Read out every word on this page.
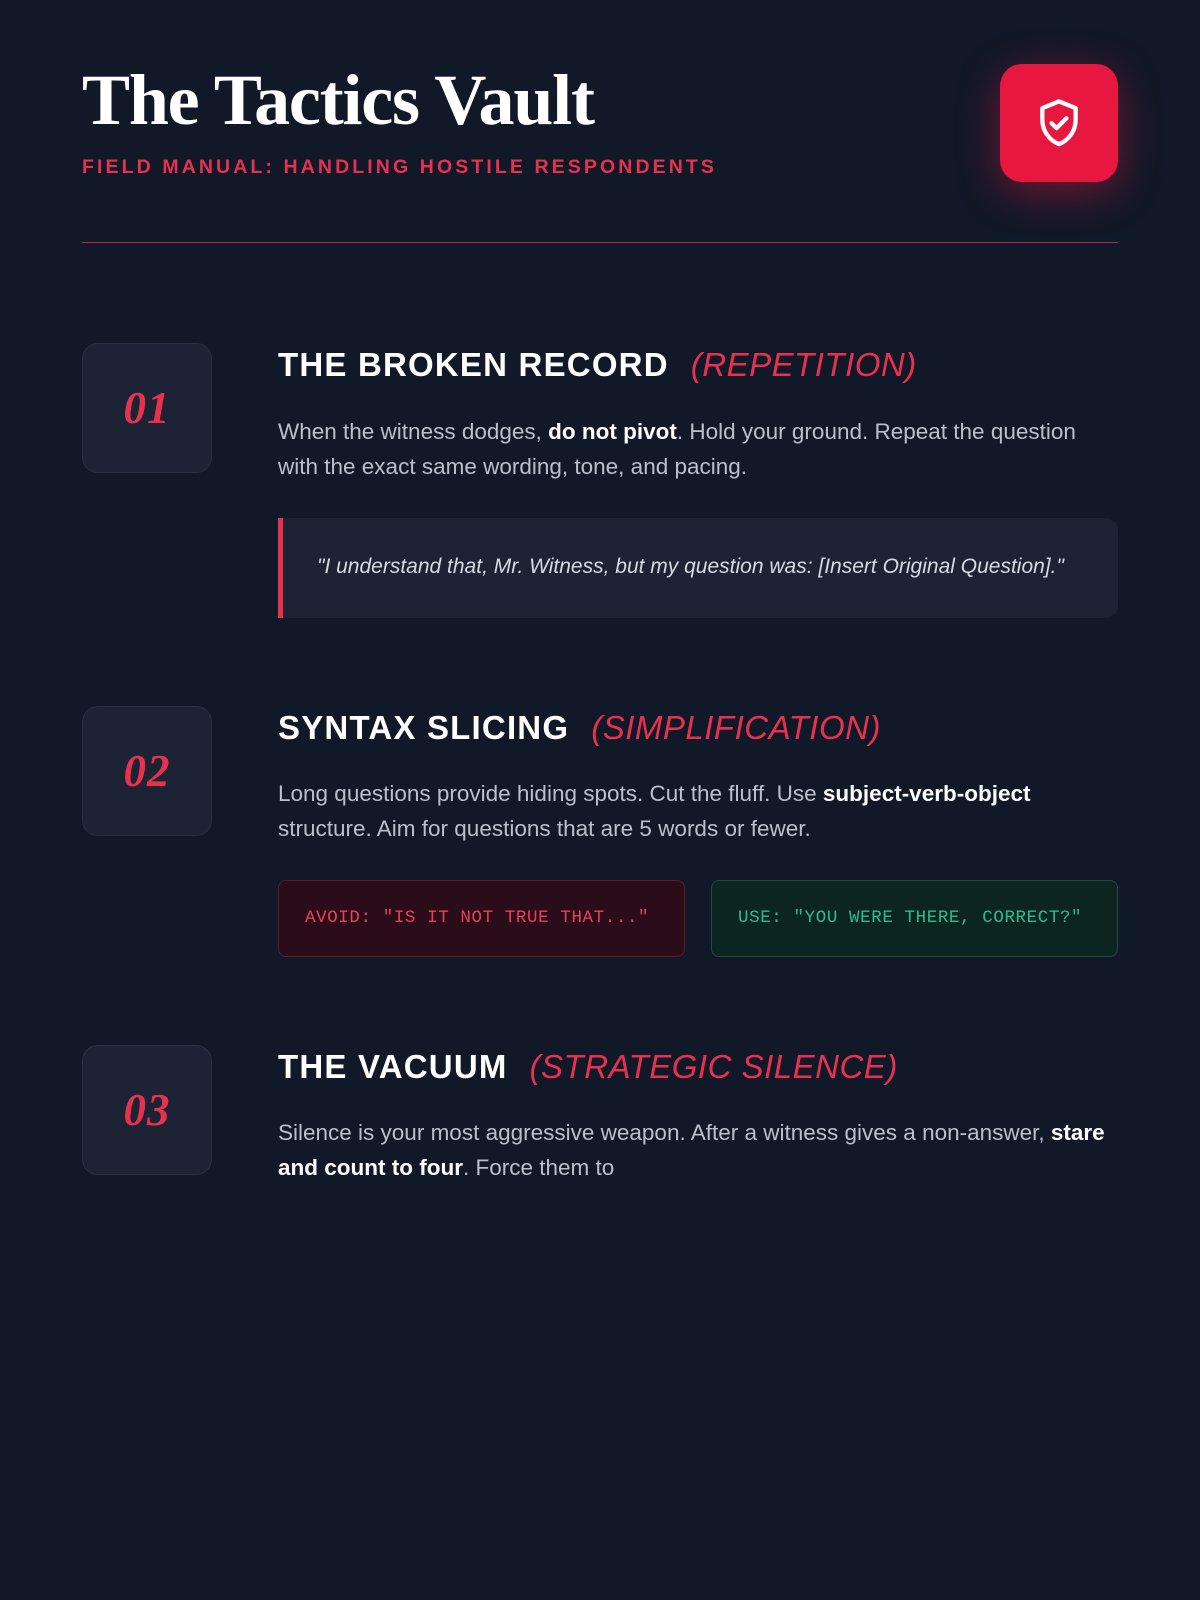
The Tactics Vault
FIELD MANUAL: HANDLING HOSTILE RESPONDENTS
01
THE BROKEN RECORD (REPETITION)
When the witness dodges, do not pivot. Hold your ground. Repeat the question with the exact same wording, tone, and pacing.

"I understand that, Mr. Witness, but my question was: [Insert Original Question]."

02
SYNTAX SLICING (SIMPLIFICATION)
Long questions provide hiding spots. Cut the fluff. Use subject-verb-object structure. Aim for questions that are 5 words or fewer.
AVOID: "IS IT NOT TRUE THAT..."	USE: "YOU WERE THERE, CORRECT?"
03
THE VACUUM (STRATEGIC SILENCE)
Silence is your most aggressive weapon. After a witness gives a non-answer, stare and count to four. Force them to
